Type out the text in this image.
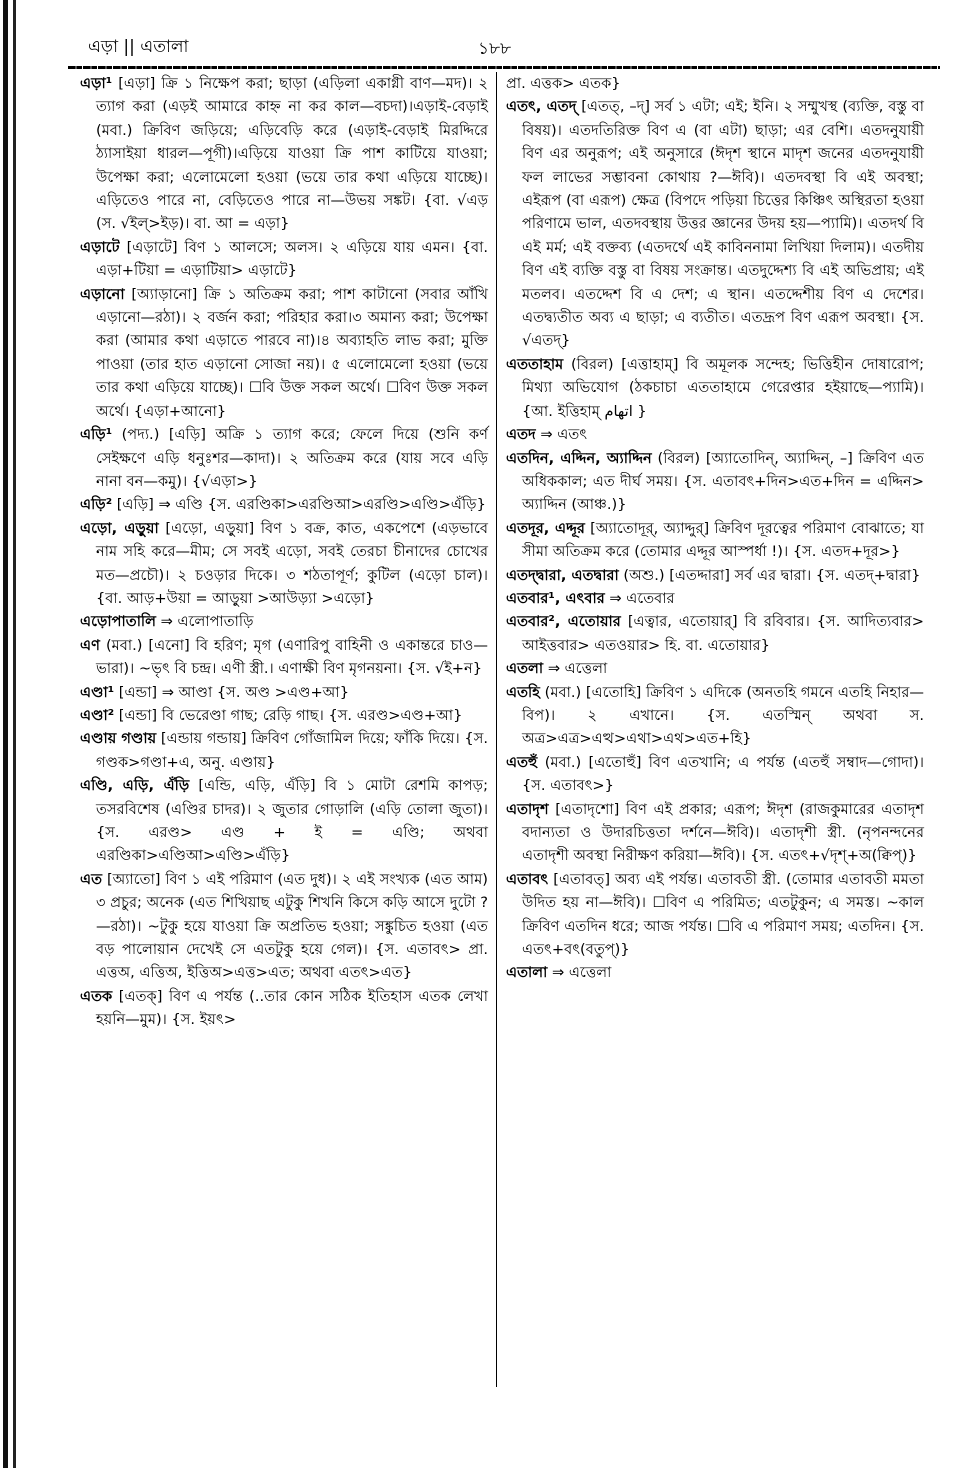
এড়া || এতালা	১৮৮

এড়া¹ [এড়া] ক্রি ১ নিক্ষেপ করা; ছাড়া (এড়িলা একাগ্নী বাণ—মদ)। ২ ত্যাগ করা (এড়ই আমারে কাহ্ন না কর কাল—বচদা)।এড়াই-বেড়াই (মবা.) ক্রিবিণ জড়িয়ে; এড়িবেড়ি করে (এড়াই-বেড়াই মিরদ্দিরে ঠ্যাসাইয়া ধারল—পূগী)।এড়িয়ে যাওয়া ক্রি পাশ কাটিয়ে যাওয়া; উপেক্ষা করা; এলোমেলো হওয়া (ভয়ে তার কথা এড়িয়ে যাচ্ছে)।এড়িতেও পারে না, বেড়িতেও পারে না—উভয় সঙ্কট। {বা. √এড় (স. √ইল্>ইড়)। বা. আ = এড়া}

এড়াটে [এড়াটে] বিণ ১ আলসে; অলস। ২ এড়িয়ে যায় এমন। {বা. এড়া+টিয়া = এড়াটিয়া> এড়াটে}

এড়ানো [অ্যাড়ানো] ক্রি ১ অতিক্রম করা; পাশ কাটানো (সবার আঁখি এড়ানো—রঠা)। ২ বর্জন করা; পরিহার করা।৩ অমান্য করা; উপেক্ষা করা (আমার কথা এড়াতে পারবে না)।৪ অব্যাহতি লাভ করা; মুক্তি পাওয়া (তার হাত এড়ানো সোজা নয়)। ৫ এলোমেলো হওয়া (ভয়ে তার কথা এড়িয়ে যাচ্ছে)। ☐বি উক্ত সকল অর্থে। ☐বিণ উক্ত সকল অর্থে। {এড়া+আনো}

এড়ি¹ (পদ্য.) [এড়ি] অক্রি ১ ত্যাগ করে; ফেলে দিয়ে (শুনি কর্ণ সেইক্ষণে এড়ি ধনুঃশর—কাদা)। ২ অতিক্রম করে (যায় সবে এড়ি নানা বন—কমু)। {√এড়া>}

এড়ি² [এড়ি] ⇒ এণ্ডি {স. এরণ্ডিকা>এরণ্ডিআ>এরণ্ডি>এণ্ডি>এঁড়ি}

এড়ো, এড়ুয়া [এড়ো, এড়ুয়া] বিণ ১ বক্র, কাত, একপেশে (এড়ভাবে নাম সহি করে—মীম; সে সবই এড়ো, সবই তেরচা চীনাদের চোখের মত—প্রচৌ)। ২ চওড়ার দিকে। ৩ শঠতাপূর্ণ; কুটিল (এড়ো চাল)। {বা. আড়+উয়া = আড়ুয়া >আউড়্যা >এড়ো}

এড়োপাতালি ⇒ এলোপাতাড়ি

এণ (মবা.) [এনো] বি হরিণ; মৃগ (এণারিপু বাহিনী ও একান্তরে চাও—ভারা)। ~ভৃৎ বি চন্দ্র। এণী স্ত্রী.। এণাক্ষী বিণ মৃগনয়না। {স. √ই+ন}

এণ্ডা¹ [এন্ডা] ⇒ আণ্ডা {স. অণ্ড >এণ্ড+আ}

এণ্ডা² [এন্ডা] বি ভেরেণ্ডা গাছ; রেড়ি গাছ। {স. এরণ্ড>এণ্ড+আ}

এণ্ডায় গণ্ডায় [এন্ডায় গন্ডায়] ক্রিবিণ গোঁজামিল দিয়ে; ফাঁকি দিয়ে। {স. গণ্ডক>গণ্ডা+এ, অনু. এণ্ডায়}

এণ্ডি, এড়ি, এঁড়ি [এন্ডি, এড়ি, এঁড়ি] বি ১ মোটা রেশমি কাপড়; তসরবিশেষ (এণ্ডির চাদর)। ২ জুতার গোড়ালি (এড়ি তোলা জুতা)। {স. এরণ্ড> এণ্ড + ই = এণ্ডি; অথবা এরণ্ডিকা>এণ্ডিআ>এণ্ডি>এঁড়ি}

এত [অ্যাতো] বিণ ১ এই পরিমাণ (এত দুধ)। ২ এই সংখ্যক (এত আম) ৩ প্রচুর; অনেক (এত শিখিয়াছ এটুকু শিখনি কিসে কড়ি আসে দুটো ?—রঠা)। ~টুকু হয়ে যাওয়া ক্রি অপ্রতিভ হওয়া; সঙ্কুচিত হওয়া (এত বড় পালোয়ান দেখেই সে এতটুকু হয়ে গেল)। {স. এতাবৎ> প্রা. এত্তঅ, এত্তিঅ, ইত্তিঅ>এত্ত>এত; অথবা এতৎ>এত}

এতক [এতক্] বিণ এ পর্যন্ত (..তার কোন সঠিক ইতিহাস এতক লেখা হয়নি—মুম)। {স. ইয়ৎ>

প্রা. এত্তক> এতক}

এতৎ, এতদ্ [এতত্, –দ্] সর্ব ১ এটা; এই; ইনি। ২ সম্মুখস্থ (ব্যক্তি, বস্তু বা বিষয়)। এতদতিরিক্ত বিণ এ (বা এটা) ছাড়া; এর বেশি। এতদনুযায়ী বিণ এর অনুরূপ; এই অনুসারে (ঈদৃশ স্থানে মাদৃশ জনের এতদনুযায়ী ফল লাভের সম্ভাবনা কোথায় ?—ঈবি)। এতদবস্থা বি এই অবস্থা; এইরূপ (বা এরূপ) ক্ষেত্র (বিপদে পড়িয়া চিত্তের কিঞ্চিৎ অস্থিরতা হওয়া পরিণামে ভাল, এতদবস্থায় উত্তর জ্ঞানের উদয় হয়—প্যামি)। এতদর্থ বি এই মর্ম; এই বক্তব্য (এতদর্থে এই কাবিননামা লিখিয়া দিলাম)। এতদীয় বিণ এই ব্যক্তি বস্তু বা বিষয় সংক্রান্ত। এতদুদ্দেশ্য বি এই অভিপ্রায়; এই মতলব। এতদ্দেশ বি এ দেশ; এ স্থান। এতদ্দেশীয় বিণ এ দেশের। এতদ্ব্যতীত অব্য এ ছাড়া; এ ব্যতীত। এতদ্রূপ বিণ এরূপ অবস্থা। {স. √এতদ্}

এততাহাম (বিরল) [এত্তাহাম্] বি অমূলক সন্দেহ; ভিত্তিহীন দোষারোপ; মিথ্যা অভিযোগ (ঠকচাচা এততাহামে গেরেপ্তার হইয়াছে—প্যামি)। {আ. ইত্তিহাম্ اتهام }

এতদ ⇒ এতৎ

এতদিন, এদ্দিন, অ্যাদ্দিন (বিরল) [অ্যাতোদিন্, অ্যাদ্দিন্, –] ক্রিবিণ এত অধিককাল; এত দীর্ঘ সময়। {স. এতাবৎ+দিন>এত+দিন = এদ্দিন> অ্যাদ্দিন (আঞ্চ.)}

এতদূর, এদ্দূর [অ্যাতোদূর্, অ্যাদ্দুর্] ক্রিবিণ দূরত্বের পরিমাণ বোঝাতে; যা সীমা অতিক্রম করে (তোমার এদ্দূর আস্পর্ধা !)। {স. এতদ+দূর>}

এতদ্দ্বারা, এতদ্বারা (অশু.) [এতদ্দারা] সর্ব এর দ্বারা। {স. এতদ্+দ্বারা}

এতবার¹, এৎবার ⇒ এতেবার

এতবার², এতোয়ার [এত্বার, এতোয়ার্] বি রবিবার। {স. আদিত্যবার> আইত্তবার> এতওয়ার> হি. বা. এতোয়ার}

এতলা ⇒ এত্তেলা

এতহি (মবা.) [এতোহি] ক্রিবিণ ১ এদিকে (অনতহি গমনে এতহি নিহার—বিপ)। ২ এখানে। {স. এতস্মিন্ অথবা স. অত্র>এত্র>এত্থ>এথা>এথ>এত+হি}

এতহুঁ (মবা.) [এতোহুঁ] বিণ এতখানি; এ পর্যন্ত (এতহুঁ সম্বাদ—গোদা)। {স. এতাবৎ>}

এতাদৃশ [এতাদৃশো] বিণ এই প্রকার; এরূপ; ঈদৃশ (রাজকুমারের এতাদৃশ বদান্যতা ও উদারচিত্ততা দর্শনে—ঈবি)। এতাদৃশী স্ত্রী. (নৃপনন্দনের এতাদৃশী অবস্থা নিরীক্ষণ করিয়া—ঈবি)। {স. এতৎ+√দৃশ্+অ(ক্বিপ্)}

এতাবৎ [এতাবত্] অব্য এই পর্যন্ত। এতাবতী স্ত্রী. (তোমার এতাবতী মমতা উদিত হয় না—ঈবি)। ☐বিণ এ পরিমিত; এতটুকুন; এ সমস্ত। ~কাল ক্রিবিণ এতদিন ধরে; আজ পর্যন্ত। ☐বি এ পরিমাণ সময়; এতদিন। {স. এতৎ+বৎ(বতুপ্)}

এতালা ⇒ এত্তেলা
